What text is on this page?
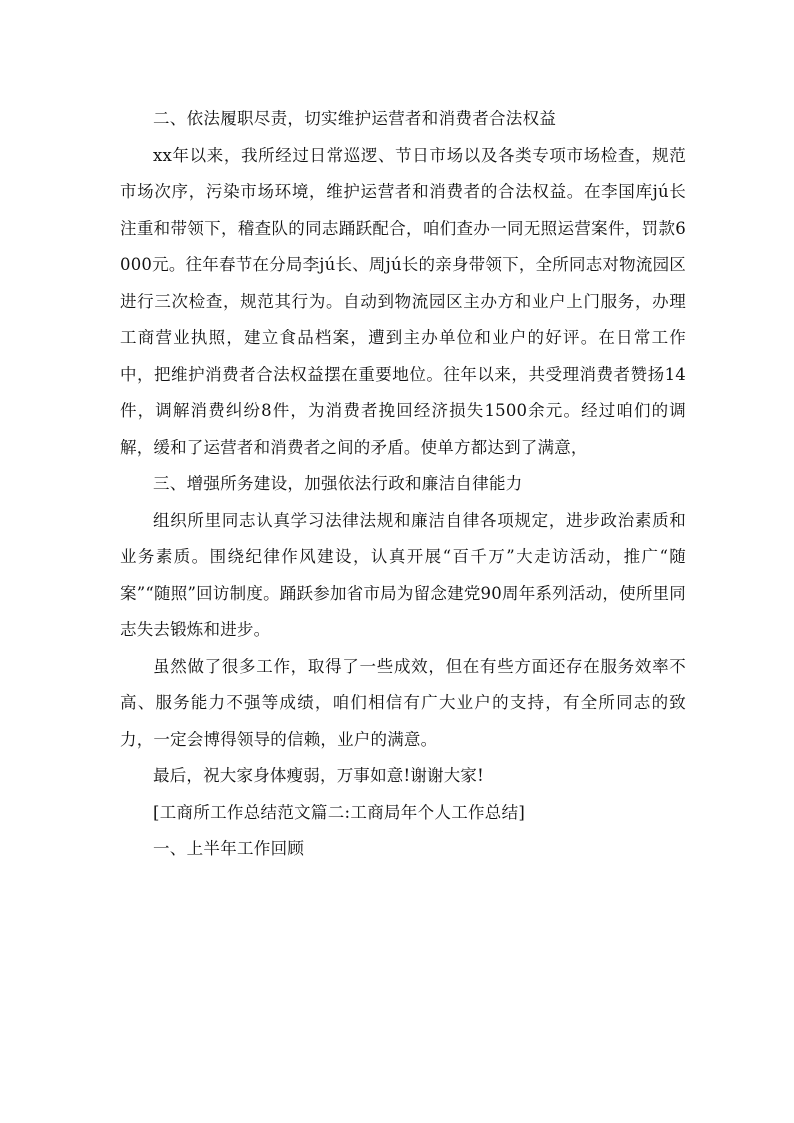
二、依法履职尽责，切实维护运营者和消费者合法权益

xx年以来，我所经过日常巡逻、节日市场以及各类专项市场检查，规范市场次序，污染市场环境，维护运营者和消费者的合法权益。在李国库jú长注重和带领下，稽查队的同志踊跃配合，咱们查办一同无照运营案件，罚款6000元。往年春节在分局李jú长、周jú长的亲身带领下，全所同志对物流园区进行三次检查，规范其行为。自动到物流园区主办方和业户上门服务，办理工商营业执照，建立食品档案，遭到主办单位和业户的好评。在日常工作中，把维护消费者合法权益摆在重要地位。往年以来，共受理消费者赞扬14件，调解消费纠纷8件，为消费者挽回经济损失1500余元。经过咱们的调解，缓和了运营者和消费者之间的矛盾。使单方都达到了满意，

三、增强所务建设，加强依法行政和廉洁自律能力

组织所里同志认真学习法律法规和廉洁自律各项规定，进步政治素质和业务素质。围绕纪律作风建设，认真开展“百千万”大走访活动，推广“随案”“随照”回访制度。踊跃参加省市局为留念建党90周年系列活动，使所里同志失去锻炼和进步。

虽然做了很多工作，取得了一些成效，但在有些方面还存在服务效率不高、服务能力不强等成绩，咱们相信有广大业户的支持，有全所同志的致力，一定会博得领导的信赖，业户的满意。

最后，祝大家身体瘦弱，万事如意!谢谢大家!

[工商所工作总结范文篇二:工商局年个人工作总结]

一、上半年工作回顾
